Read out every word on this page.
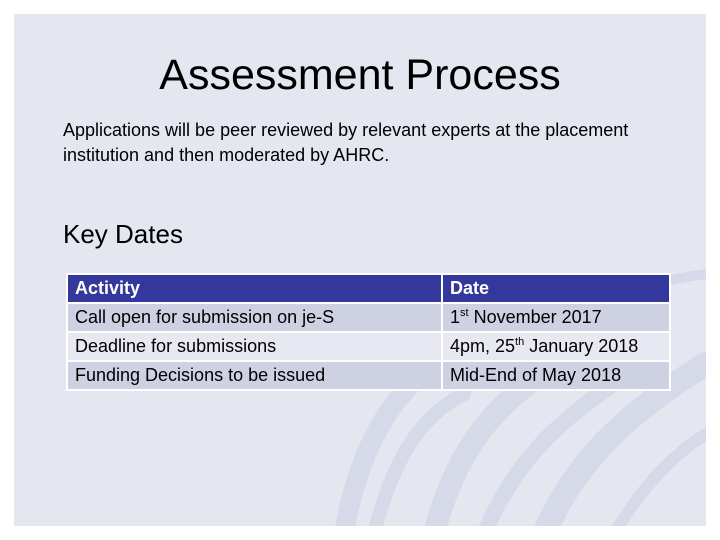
Assessment Process
Applications will be peer reviewed by relevant experts at the placement institution and then moderated by AHRC.
Key Dates
Activity	Date
Call open for submission on je-S	1st November 2017
Deadline for submissions	4pm, 25th January 2018
Funding Decisions to be issued	Mid-End of May 2018
